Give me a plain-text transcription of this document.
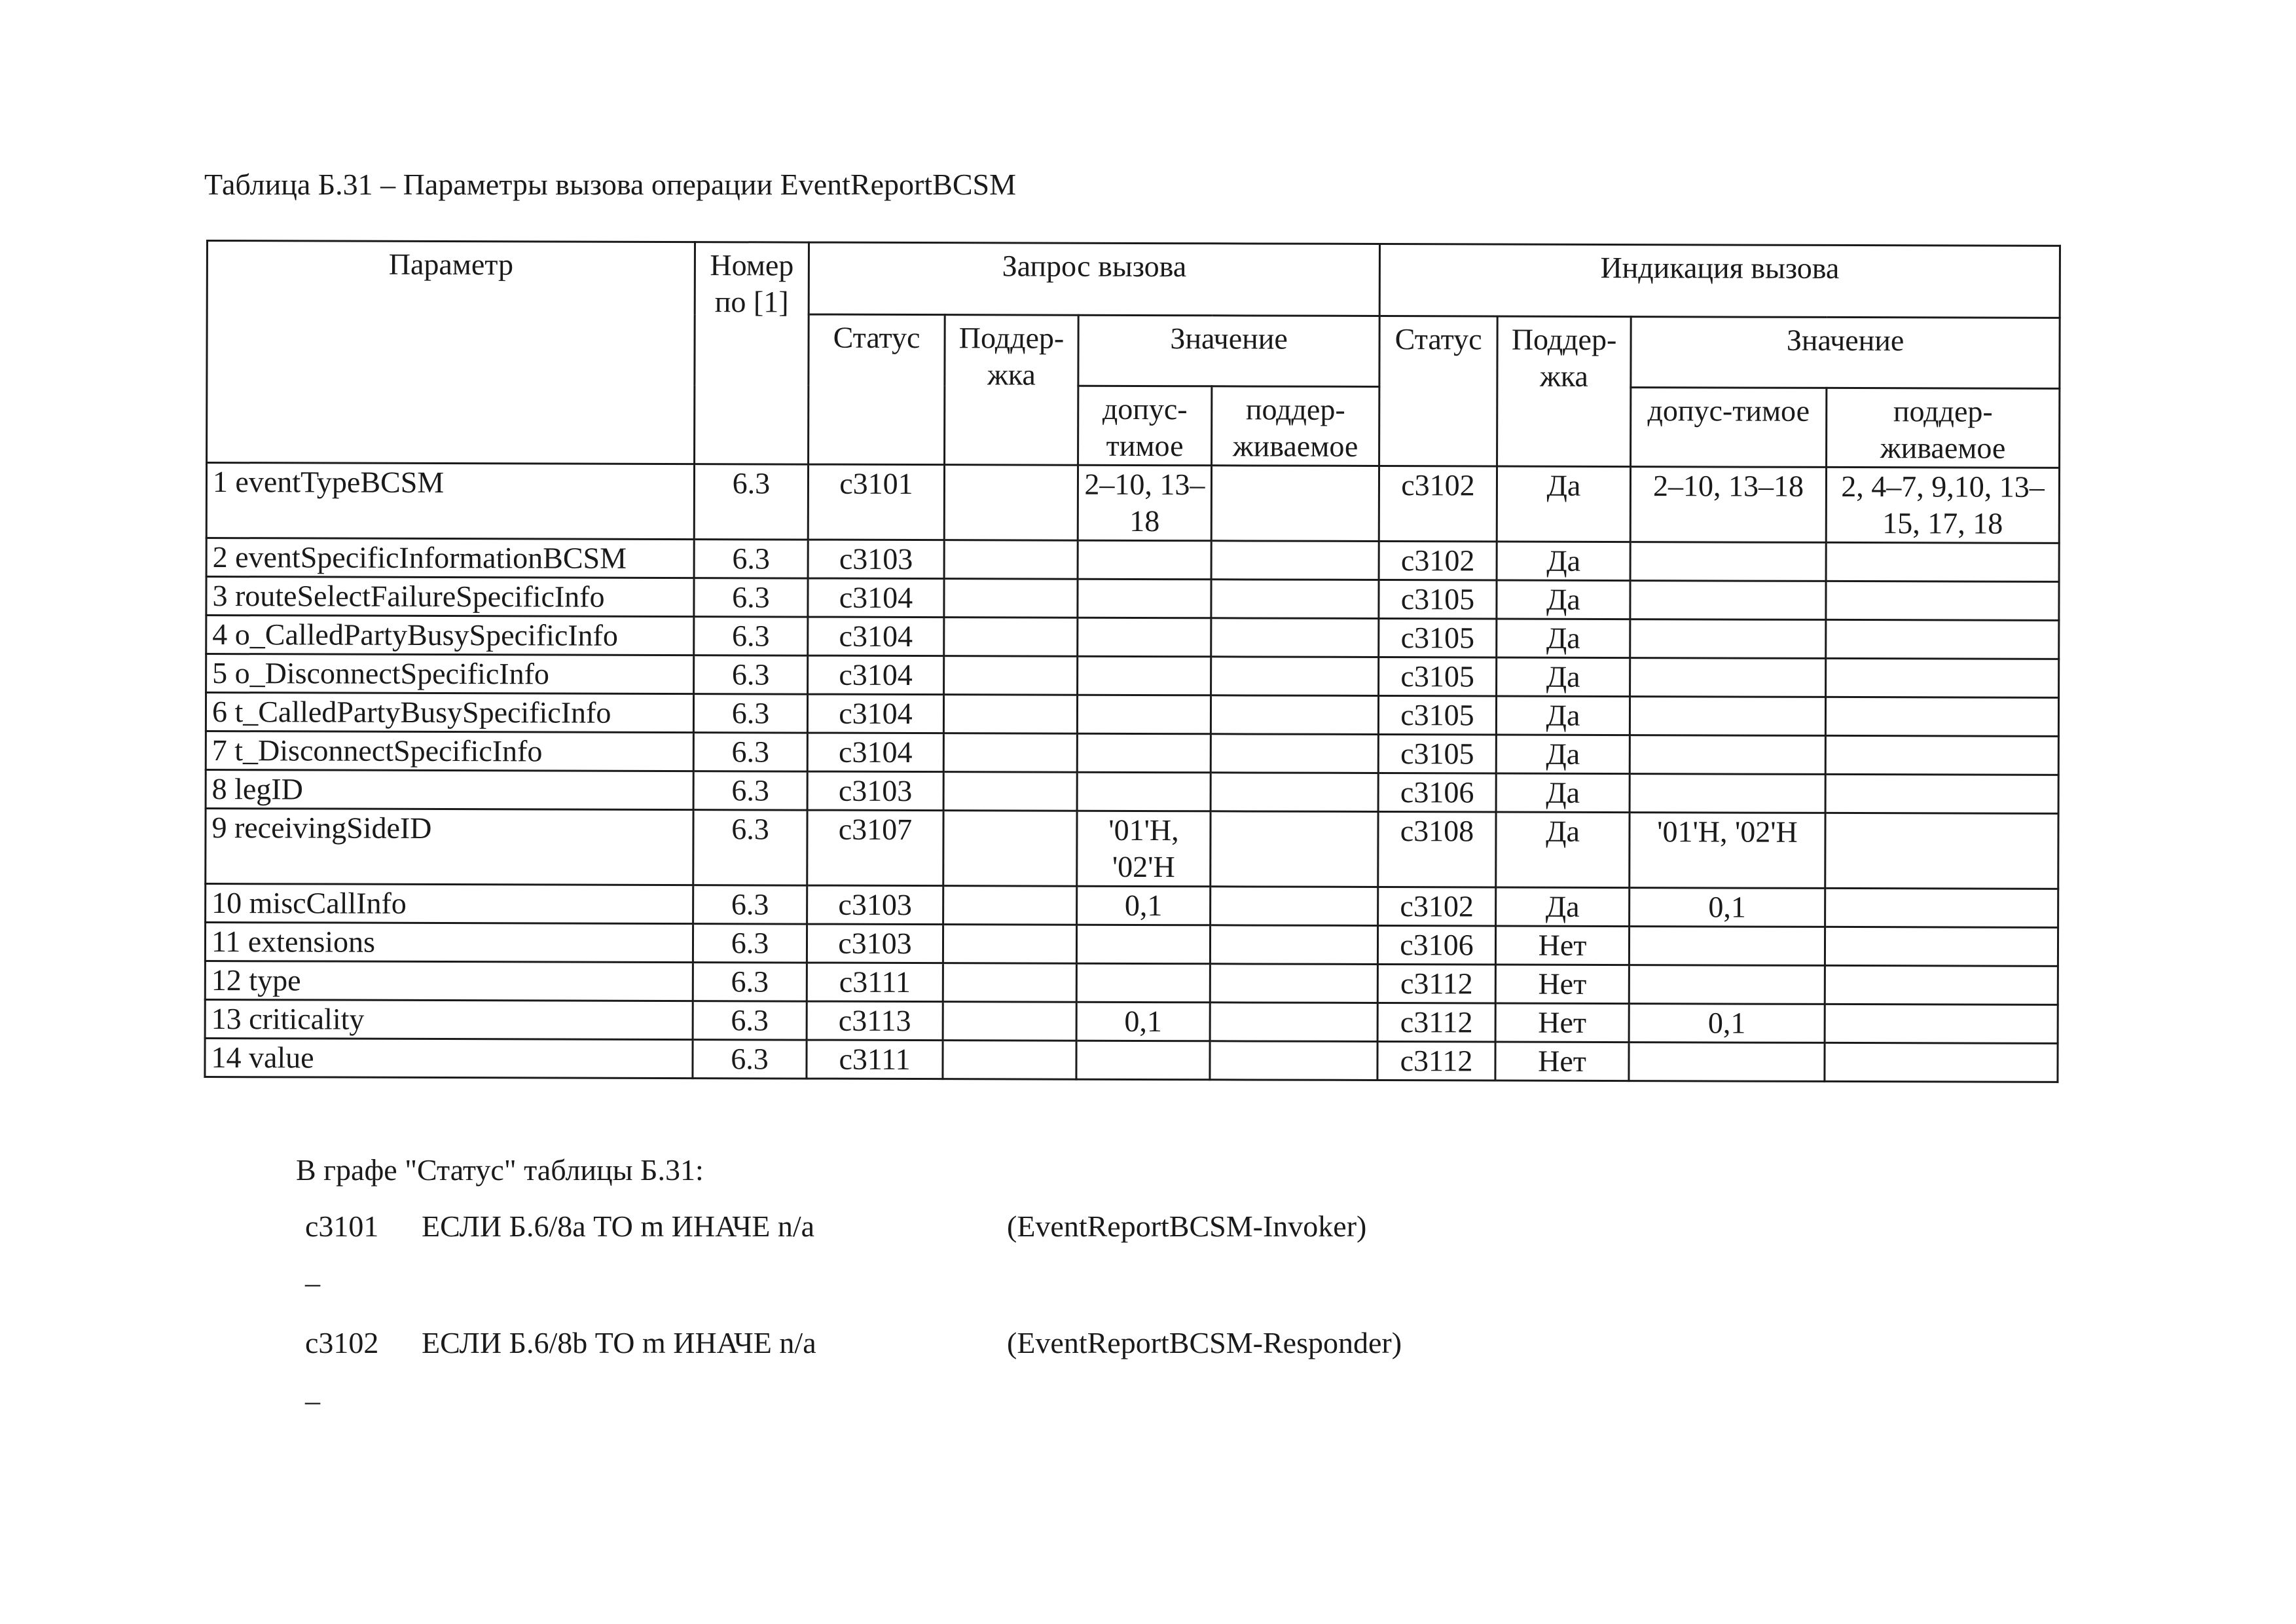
Таблица Б.31 – Параметры вызова операции EventReportBCSM
Параметр	Номер по [1]	Запрос вызова				Индикация вызова			
		Статус	Поддер-жка	Значение		Статус	Поддер-жка	Значение	
				допус-тимое	поддер-живаемое			допус-тимое	поддер-живаемое
1 eventTypeBCSM	6.3	c3101		2–10, 13–18		c3102	Да	2–10, 13–18	2, 4–7, 9,10, 13–15, 17, 18
2 eventSpecificInformationBCSM	6.3	c3103				c3102	Да		
3 routeSelectFailureSpecificInfo	6.3	c3104				c3105	Да		
4 o_CalledPartyBusySpecificInfo	6.3	c3104				c3105	Да		
5 o_DisconnectSpecificInfo	6.3	c3104				c3105	Да		
6 t_CalledPartyBusySpecificInfo	6.3	c3104				c3105	Да		
7 t_DisconnectSpecificInfo	6.3	c3104				c3105	Да		
8 legID	6.3	c3103				c3106	Да		
9 receivingSideID	6.3	c3107		'01'H, '02'H		c3108	Да	'01'H, '02'H	
10 miscCallInfo	6.3	c3103		0,1		c3102	Да	0,1	
11 extensions	6.3	c3103				c3106	Нет		
12 type	6.3	c3111				c3112	Нет		
13 criticality	6.3	c3113		0,1		c3112	Нет	0,1	
14 value	6.3	c3111				c3112	Нет		
В графе "Статус" таблицы Б.31:
c3101 ЕСЛИ Б.6/8a ТО m ИНАЧЕ n/a	(EventReportBCSM-Invoker)
–
c3102 ЕСЛИ Б.6/8b ТО m ИНАЧЕ n/a	(EventReportBCSM-Responder)
–
